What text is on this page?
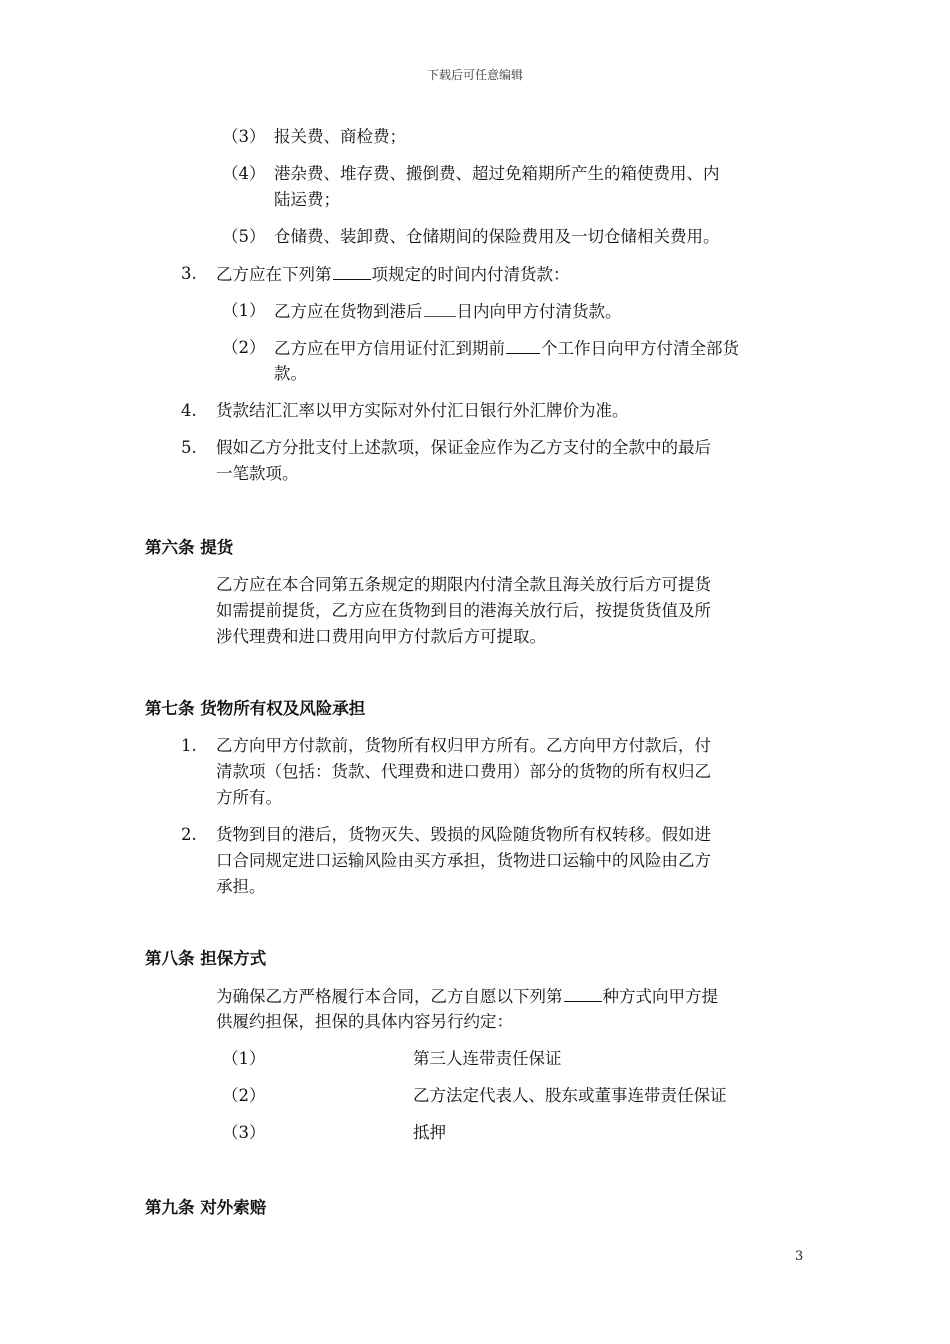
下载后可任意编辑
（3） 报关费、商检费；
（4） 港杂费、堆存费、搬倒费、超过免箱期所产生的箱使费用、内
陆运费；
（5） 仓储费、装卸费、仓储期间的保险费用及一切仓储相关费用。
3. 乙方应在下列第 项规定的时间内付清货款：
（1） 乙方应在货物到港后 日内向甲方付清货款。
（2） 乙方应在甲方信用证付汇到期前 个工作日向甲方付清全部货
款。
4. 货款结汇汇率以甲方实际对外付汇日银行外汇牌价为准。
5. 假如乙方分批支付上述款项，保证金应作为乙方支付的全款中的最后
一笔款项。
第六条 提货
乙方应在本合同第五条规定的期限内付清全款且海关放行后方可提货
如需提前提货，乙方应在货物到目的港海关放行后，按提货货值及所
涉代理费和进口费用向甲方付款后方可提取。
第七条 货物所有权及风险承担
1. 乙方向甲方付款前，货物所有权归甲方所有。乙方向甲方付款后，付
清款项（包括：货款、代理费和进口费用）部分的货物的所有权归乙
方所有。
2. 货物到目的港后，货物灭失、毁损的风险随货物所有权转移。假如进
口合同规定进口运输风险由买方承担，货物进口运输中的风险由乙方
承担。
第八条 担保方式
为确保乙方严格履行本合同，乙方自愿以下列第 种方式向甲方提
供履约担保，担保的具体内容另行约定：
（1）	第三人连带责任保证
（2）	乙方法定代表人、股东或董事连带责任保证
（3）	抵押
第九条 对外索赔
3
